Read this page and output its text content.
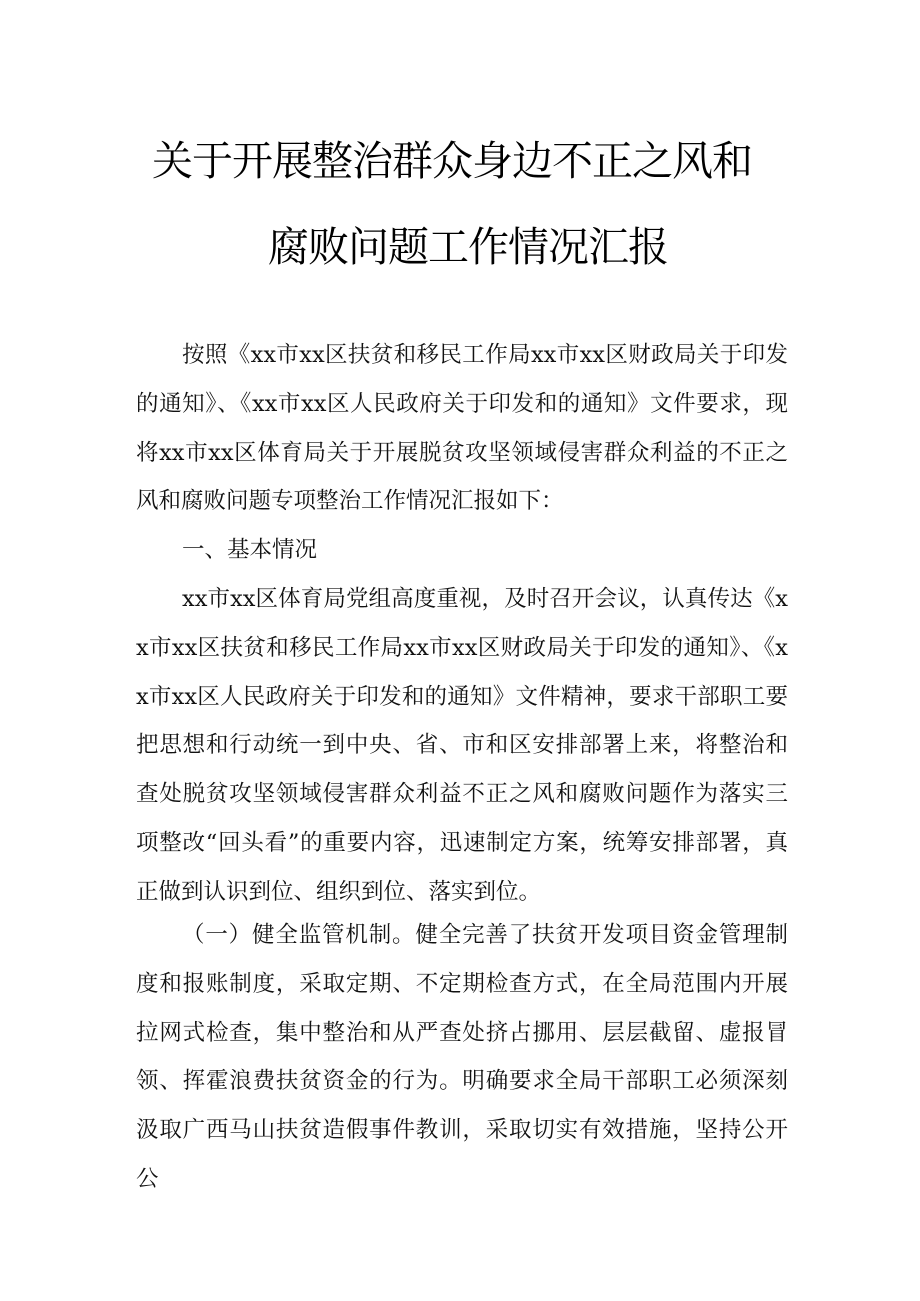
关于开展整治群众身边不正之风和
腐败问题工作情况汇报

按照《xx市xx区扶贫和移民工作局xx市xx区财政局关于印发的通知》、《xx市xx区人民政府关于印发和的通知》文件要求，现将xx市xx区体育局关于开展脱贫攻坚领域侵害群众利益的不正之风和腐败问题专项整治工作情况汇报如下：

一、基本情况

xx市xx区体育局党组高度重视，及时召开会议，认真传达《xx市xx区扶贫和移民工作局xx市xx区财政局关于印发的通知》、《xx市xx区人民政府关于印发和的通知》文件精神，要求干部职工要把思想和行动统一到中央、省、市和区安排部署上来，将整治和查处脱贫攻坚领域侵害群众利益不正之风和腐败问题作为落实三项整改“回头看”的重要内容，迅速制定方案，统筹安排部署，真正做到认识到位、组织到位、落实到位。

（一）健全监管机制。健全完善了扶贫开发项目资金管理制度和报账制度，采取定期、不定期检查方式，在全局范围内开展拉网式检查，集中整治和从严查处挤占挪用、层层截留、虚报冒领、挥霍浪费扶贫资金的行为。明确要求全局干部职工必须深刻汲取广西马山扶贫造假事件教训，采取切实有效措施，坚持公开公
